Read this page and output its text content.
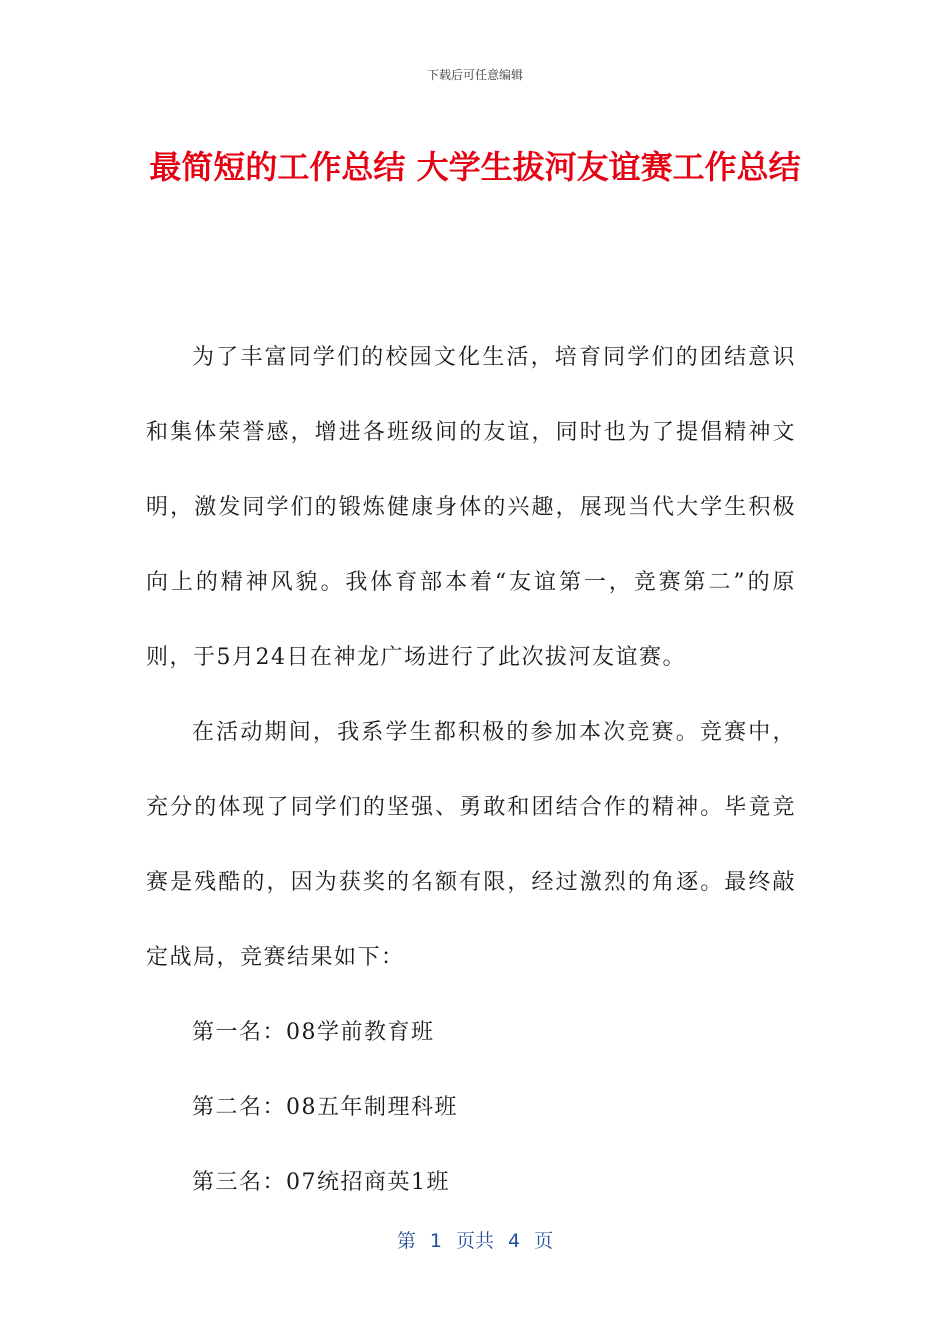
下载后可任意编辑
最简短的工作总结 大学生拔河友谊赛工作总结

为了丰富同学们的校园文化生活，培育同学们的团结意识和集体荣誉感，增进各班级间的友谊，同时也为了提倡精神文明，激发同学们的锻炼健康身体的兴趣，展现当代大学生积极向上的精神风貌。我体育部本着“友谊第一，竞赛第二”的原则，于5月24日在神龙广场进行了此次拔河友谊赛。

在活动期间，我系学生都积极的参加本次竞赛。竞赛中，充分的体现了同学们的坚强、勇敢和团结合作的精神。毕竟竞赛是残酷的，因为获奖的名额有限，经过激烈的角逐。最终敲定战局，竞赛结果如下：

第一名：08学前教育班

第二名：08五年制理科班

第三名：07统招商英1班

第 1 页共 4 页
